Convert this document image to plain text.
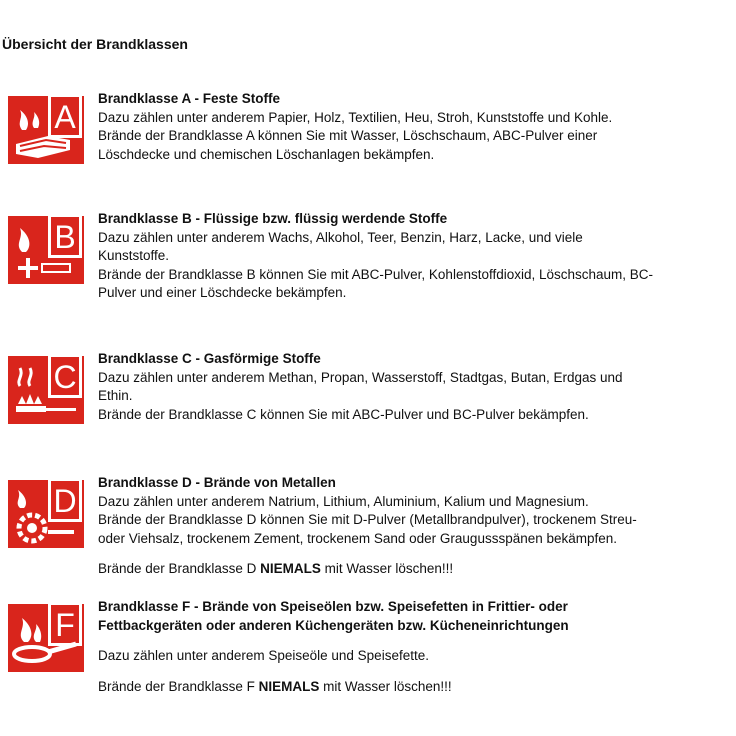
Übersicht der Brandklassen
A
Brandklasse A - Feste Stoffe
Dazu zählen unter anderem Papier, Holz, Textilien, Heu, Stroh, Kunststoffe und Kohle.
Brände der Brandklasse A können Sie mit Wasser, Löschschaum, ABC-Pulver einer
Löschdecke und chemischen Löschanlagen bekämpfen.
B
Brandklasse B - Flüssige bzw. flüssig werdende Stoffe
Dazu zählen unter anderem Wachs, Alkohol, Teer, Benzin, Harz, Lacke, und viele
Kunststoffe.
Brände der Brandklasse B können Sie mit ABC-Pulver, Kohlenstoffdioxid, Löschschaum, BC-
Pulver und einer Löschdecke bekämpfen.
C
Brandklasse C - Gasförmige Stoffe
Dazu zählen unter anderem Methan, Propan, Wasserstoff, Stadtgas, Butan, Erdgas und
Ethin.
Brände der Brandklasse C können Sie mit ABC-Pulver und BC-Pulver bekämpfen.
D
Brandklasse D - Brände von Metallen
Dazu zählen unter anderem Natrium, Lithium, Aluminium, Kalium und Magnesium.
Brände der Brandklasse D können Sie mit D-Pulver (Metallbrandpulver), trockenem Streu-
oder Viehsalz, trockenem Zement, trockenem Sand oder Graugussspänen bekämpfen.
Brände der Brandklasse D NIEMALS mit Wasser löschen!!!
F
Brandklasse F - Brände von Speiseölen bzw. Speisefetten in Frittier- oder
Fettbackgeräten oder anderen Küchengeräten bzw. Kücheneinrichtungen
Dazu zählen unter anderem Speiseöle und Speisefette.
Brände der Brandklasse F NIEMALS mit Wasser löschen!!!
